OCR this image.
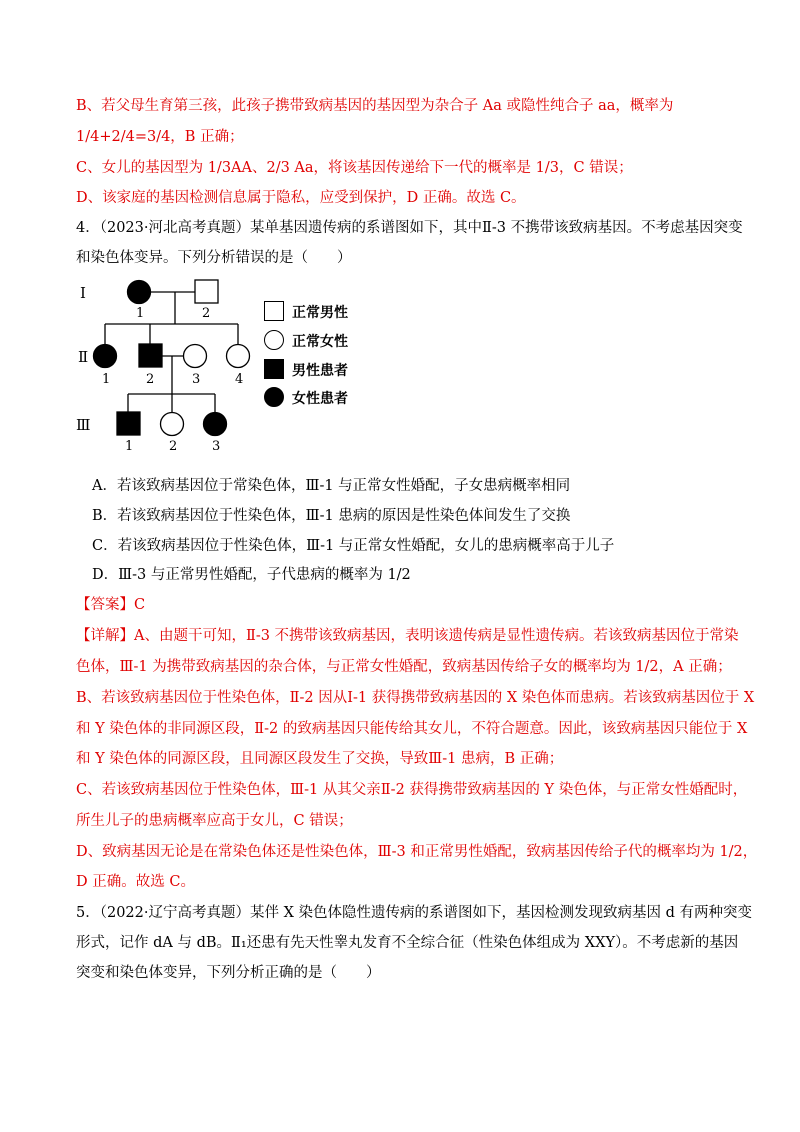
B、若父母生育第三孩，此孩子携带致病基因的基因型为杂合子 Aa 或隐性纯合子 aa，概率为
1/4+2/4=3/4，B 正确；
C、女儿的基因型为 1/3AA、2/3 Aa，将该基因传递给下一代的概率是 1/3，C 错误；
D、该家庭的基因检测信息属于隐私，应受到保护，D 正确。故选 C。
4．（2023·河北高考真题）某单基因遗传病的系谱图如下，其中Ⅱ-3 不携带该致病基因。不考虑基因突变
和染色体变异。下列分析错误的是（　　）
Ⅰ
Ⅱ
Ⅲ
1	2
1	2	3	4
1	2	3
正常男性
正常女性
男性患者
女性患者
A．若该致病基因位于常染色体，Ⅲ-1 与正常女性婚配，子女患病概率相同
B．若该致病基因位于性染色体，Ⅲ-1 患病的原因是性染色体间发生了交换
C．若该致病基因位于性染色体，Ⅲ-1 与正常女性婚配，女儿的患病概率高于儿子
D．Ⅲ-3 与正常男性婚配，子代患病的概率为 1/2
【答案】C
【详解】A、由题干可知，Ⅱ-3 不携带该致病基因，表明该遗传病是显性遗传病。若该致病基因位于常染
色体，Ⅲ-1 为携带致病基因的杂合体，与正常女性婚配，致病基因传给子女的概率均为 1/2，A 正确；
B、若该致病基因位于性染色体，Ⅱ-2 因从Ⅰ-1 获得携带致病基因的 X 染色体而患病。若该致病基因位于 X
和 Y 染色体的非同源区段，Ⅱ-2 的致病基因只能传给其女儿，不符合题意。因此，该致病基因只能位于 X
和 Y 染色体的同源区段，且同源区段发生了交换，导致Ⅲ-1 患病，B 正确；
C、若该致病基因位于性染色体，Ⅲ-1 从其父亲Ⅱ-2 获得携带致病基因的 Y 染色体，与正常女性婚配时，
所生儿子的患病概率应高于女儿，C 错误；
D、致病基因无论是在常染色体还是性染色体，Ⅲ-3 和正常男性婚配，致病基因传给子代的概率均为 1/2，
D 正确。故选 C。
5．（2022·辽宁高考真题）某伴 X 染色体隐性遗传病的系谱图如下，基因检测发现致病基因 d 有两种突变
形式，记作 dA 与 dB。Ⅱ₁还患有先天性睾丸发育不全综合征（性染色体组成为 XXY）。不考虑新的基因
突变和染色体变异，下列分析正确的是（　　）
